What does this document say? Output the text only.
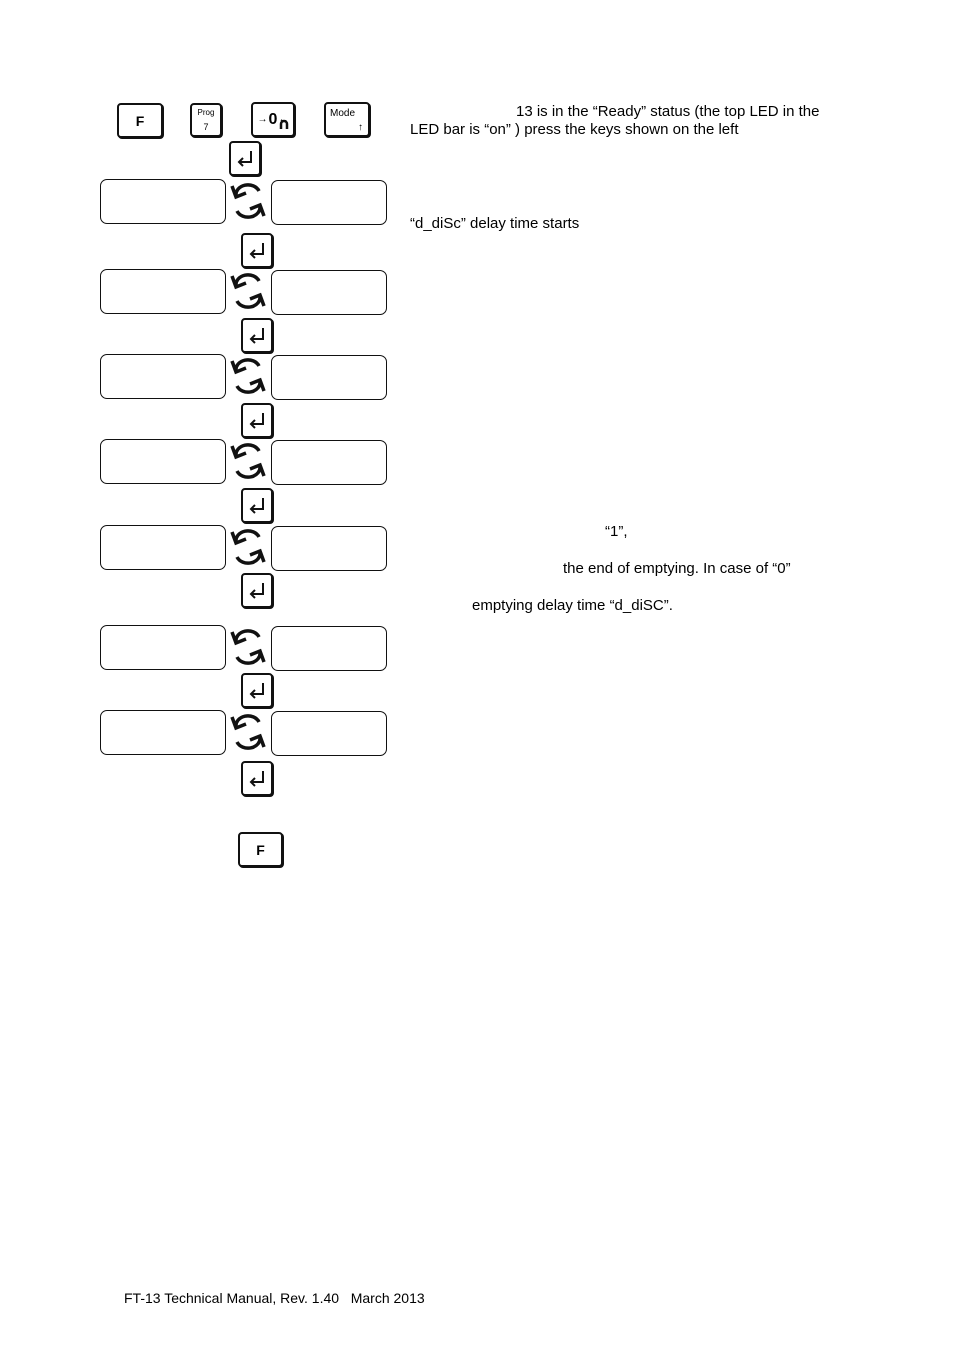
F	Prog
7
→ 0 ←
Mode
↑
F
13 is in the “Ready” status (the top LED in the
LED bar is “on” ) press the keys shown on the left
“d_diSc” delay time starts
“1”,
the end of emptying. In case of “0”
emptying delay time “d_diSC”.
FT-13 Technical Manual, Rev. 1.40   March 2013
